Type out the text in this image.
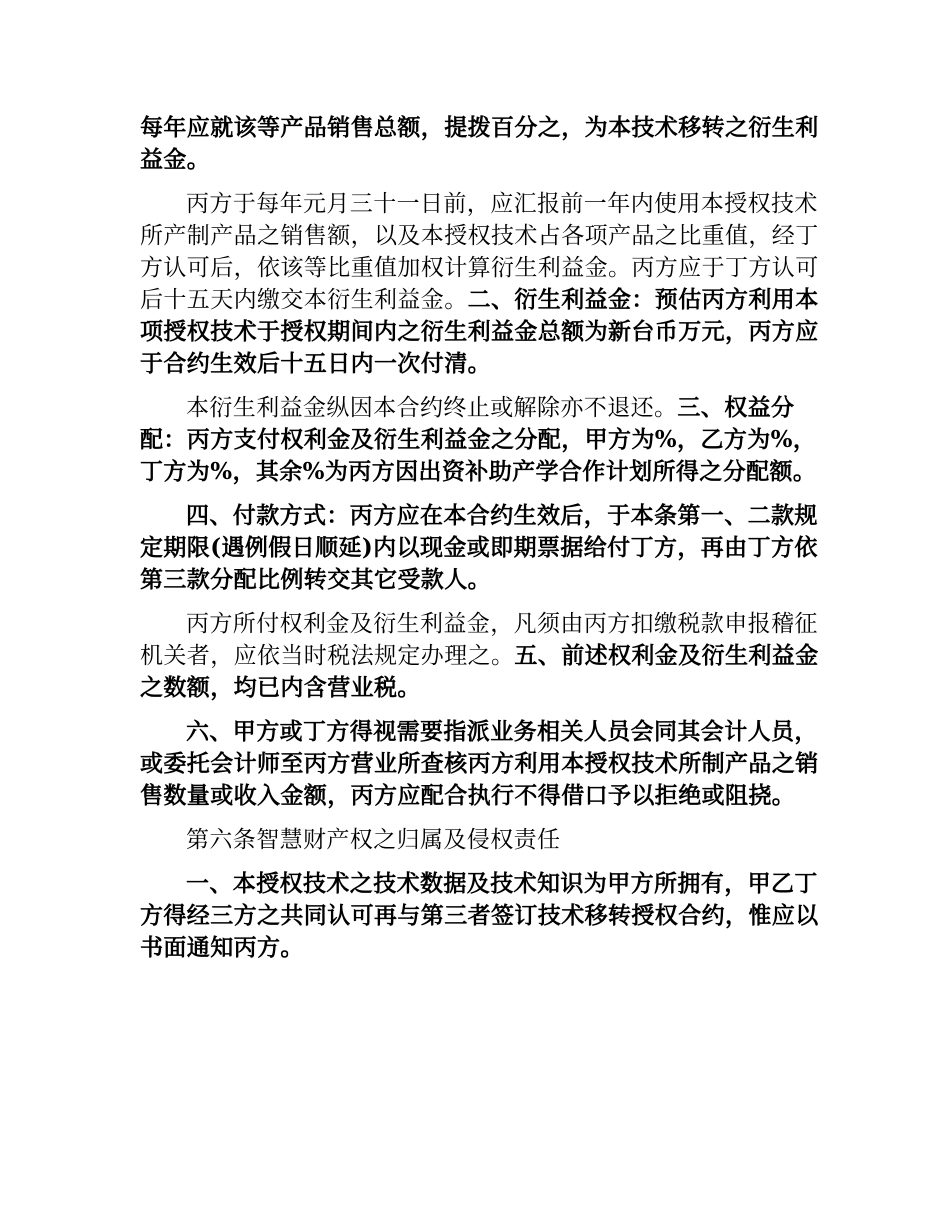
每年应就该等产品销售总额，提拨百分之，为本技术移转之衍生利益金。

丙方于每年元月三十一日前，应汇报前一年内使用本授权技术所产制产品之销售额，以及本授权技术占各项产品之比重值，经丁方认可后，依该等比重值加权计算衍生利益金。丙方应于丁方认可后十五天内缴交本衍生利益金。二、衍生利益金：预估丙方利用本项授权技术于授权期间内之衍生利益金总额为新台币万元，丙方应于合约生效后十五日内一次付清。

本衍生利益金纵因本合约终止或解除亦不退还。三、权益分配：丙方支付权利金及衍生利益金之分配，甲方为%，乙方为%，丁方为%，其余%为丙方因出资补助产学合作计划所得之分配额。

四、付款方式：丙方应在本合约生效后，于本条第一、二款规定期限(遇例假日顺延)内以现金或即期票据给付丁方，再由丁方依第三款分配比例转交其它受款人。

丙方所付权利金及衍生利益金，凡须由丙方扣缴税款申报稽征机关者，应依当时税法规定办理之。五、前述权利金及衍生利益金之数额，均已内含营业税。

六、甲方或丁方得视需要指派业务相关人员会同其会计人员，或委托会计师至丙方营业所查核丙方利用本授权技术所制产品之销售数量或收入金额，丙方应配合执行不得借口予以拒绝或阻挠。

第六条智慧财产权之归属及侵权责任

一、本授权技术之技术数据及技术知识为甲方所拥有，甲乙丁方得经三方之共同认可再与第三者签订技术移转授权合约，惟应以书面通知丙方。
